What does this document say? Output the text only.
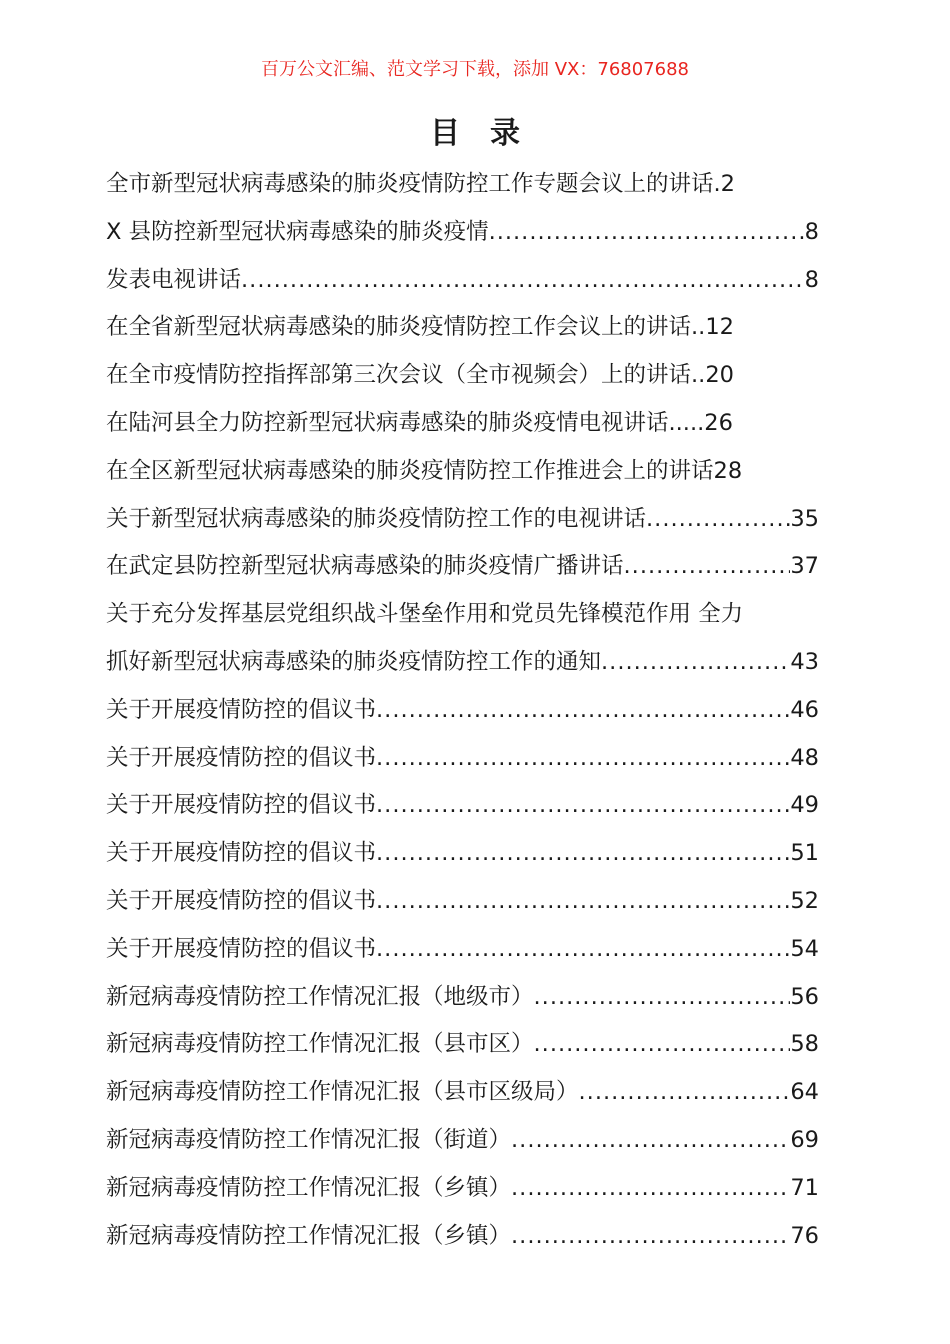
百万公文汇编、范文学习下载，添加 VX：76807688
目录
全市新型冠状病毒感染的肺炎疫情防控工作专题会议上的讲话. 2
X 县防控新型冠状病毒感染的肺炎疫情 .....	8
发表电视讲话 .....	8
在全省新型冠状病毒感染的肺炎疫情防控工作会议上的讲话.. 12
在全市疫情防控指挥部第三次会议（全市视频会）上的讲话.. 20
在陆河县全力防控新型冠状病毒感染的肺炎疫情电视讲话..... 26
在全区新型冠状病毒感染的肺炎疫情防控工作推进会上的讲话 28
关于新型冠状病毒感染的肺炎疫情防控工作的电视讲话 .....	35
在武定县防控新型冠状病毒感染的肺炎疫情广播讲话 .....	37
关于充分发挥基层党组织战斗堡垒作用和党员先锋模范作用 全力
抓好新型冠状病毒感染的肺炎疫情防控工作的通知 .....	43
关于开展疫情防控的倡议书 .....	46
关于开展疫情防控的倡议书 .....	48
关于开展疫情防控的倡议书 .....	49
关于开展疫情防控的倡议书 .....	51
关于开展疫情防控的倡议书 .....	52
关于开展疫情防控的倡议书 .....	54
新冠病毒疫情防控工作情况汇报（地级市） .....	56
新冠病毒疫情防控工作情况汇报（县市区） .....	58
新冠病毒疫情防控工作情况汇报（县市区级局） .....	64
新冠病毒疫情防控工作情况汇报（街道） .....	69
新冠病毒疫情防控工作情况汇报（乡镇） .....	71
新冠病毒疫情防控工作情况汇报（乡镇） .....	76
